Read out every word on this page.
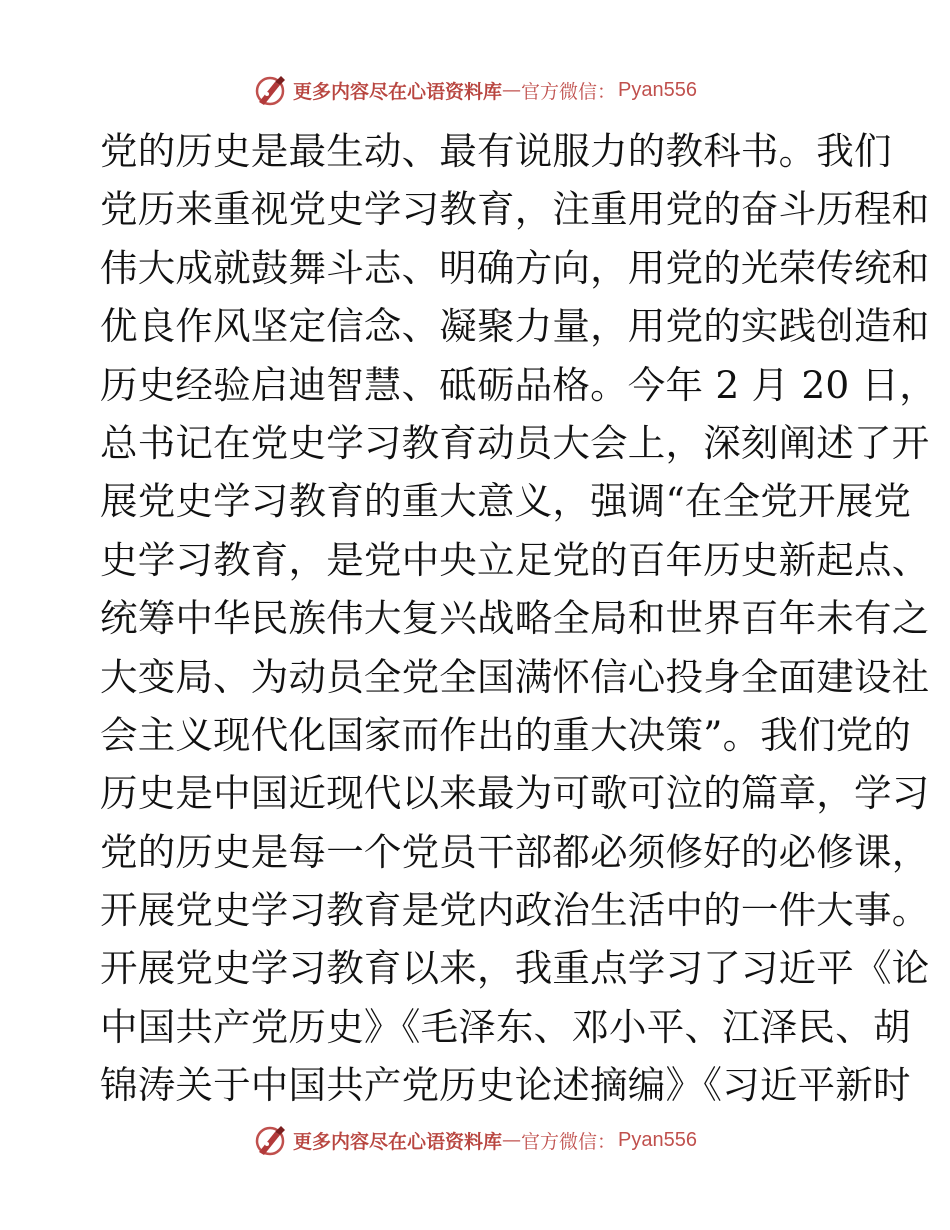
更多内容尽在心语资料库 — 官方微信： Pyan556
党的历史是最生动、最有说服力的教科书。我们
党历来重视党史学习教育，注重用党的奋斗历程和
伟大成就鼓舞斗志、明确方向，用党的光荣传统和
优良作风坚定信念、凝聚力量，用党的实践创造和
历史经验启迪智慧、砥砺品格。今年 2 月 20 日，
总书记在党史学习教育动员大会上，深刻阐述了开
展党史学习教育的重大意义，强调“在全党开展党
史学习教育，是党中央立足党的百年历史新起点、
统筹中华民族伟大复兴战略全局和世界百年未有之
大变局、为动员全党全国满怀信心投身全面建设社
会主义现代化国家而作出的重大决策”。我们党的
历史是中国近现代以来最为可歌可泣的篇章，学习
党的历史是每一个党员干部都必须修好的必修课，
开展党史学习教育是党内政治生活中的一件大事。
开展党史学习教育以来，我重点学习了习近平《论
中国共产党历史》《毛泽东、邓小平、江泽民、胡
锦涛关于中国共产党历史论述摘编》《习近平新时
更多内容尽在心语资料库 — 官方微信： Pyan556
